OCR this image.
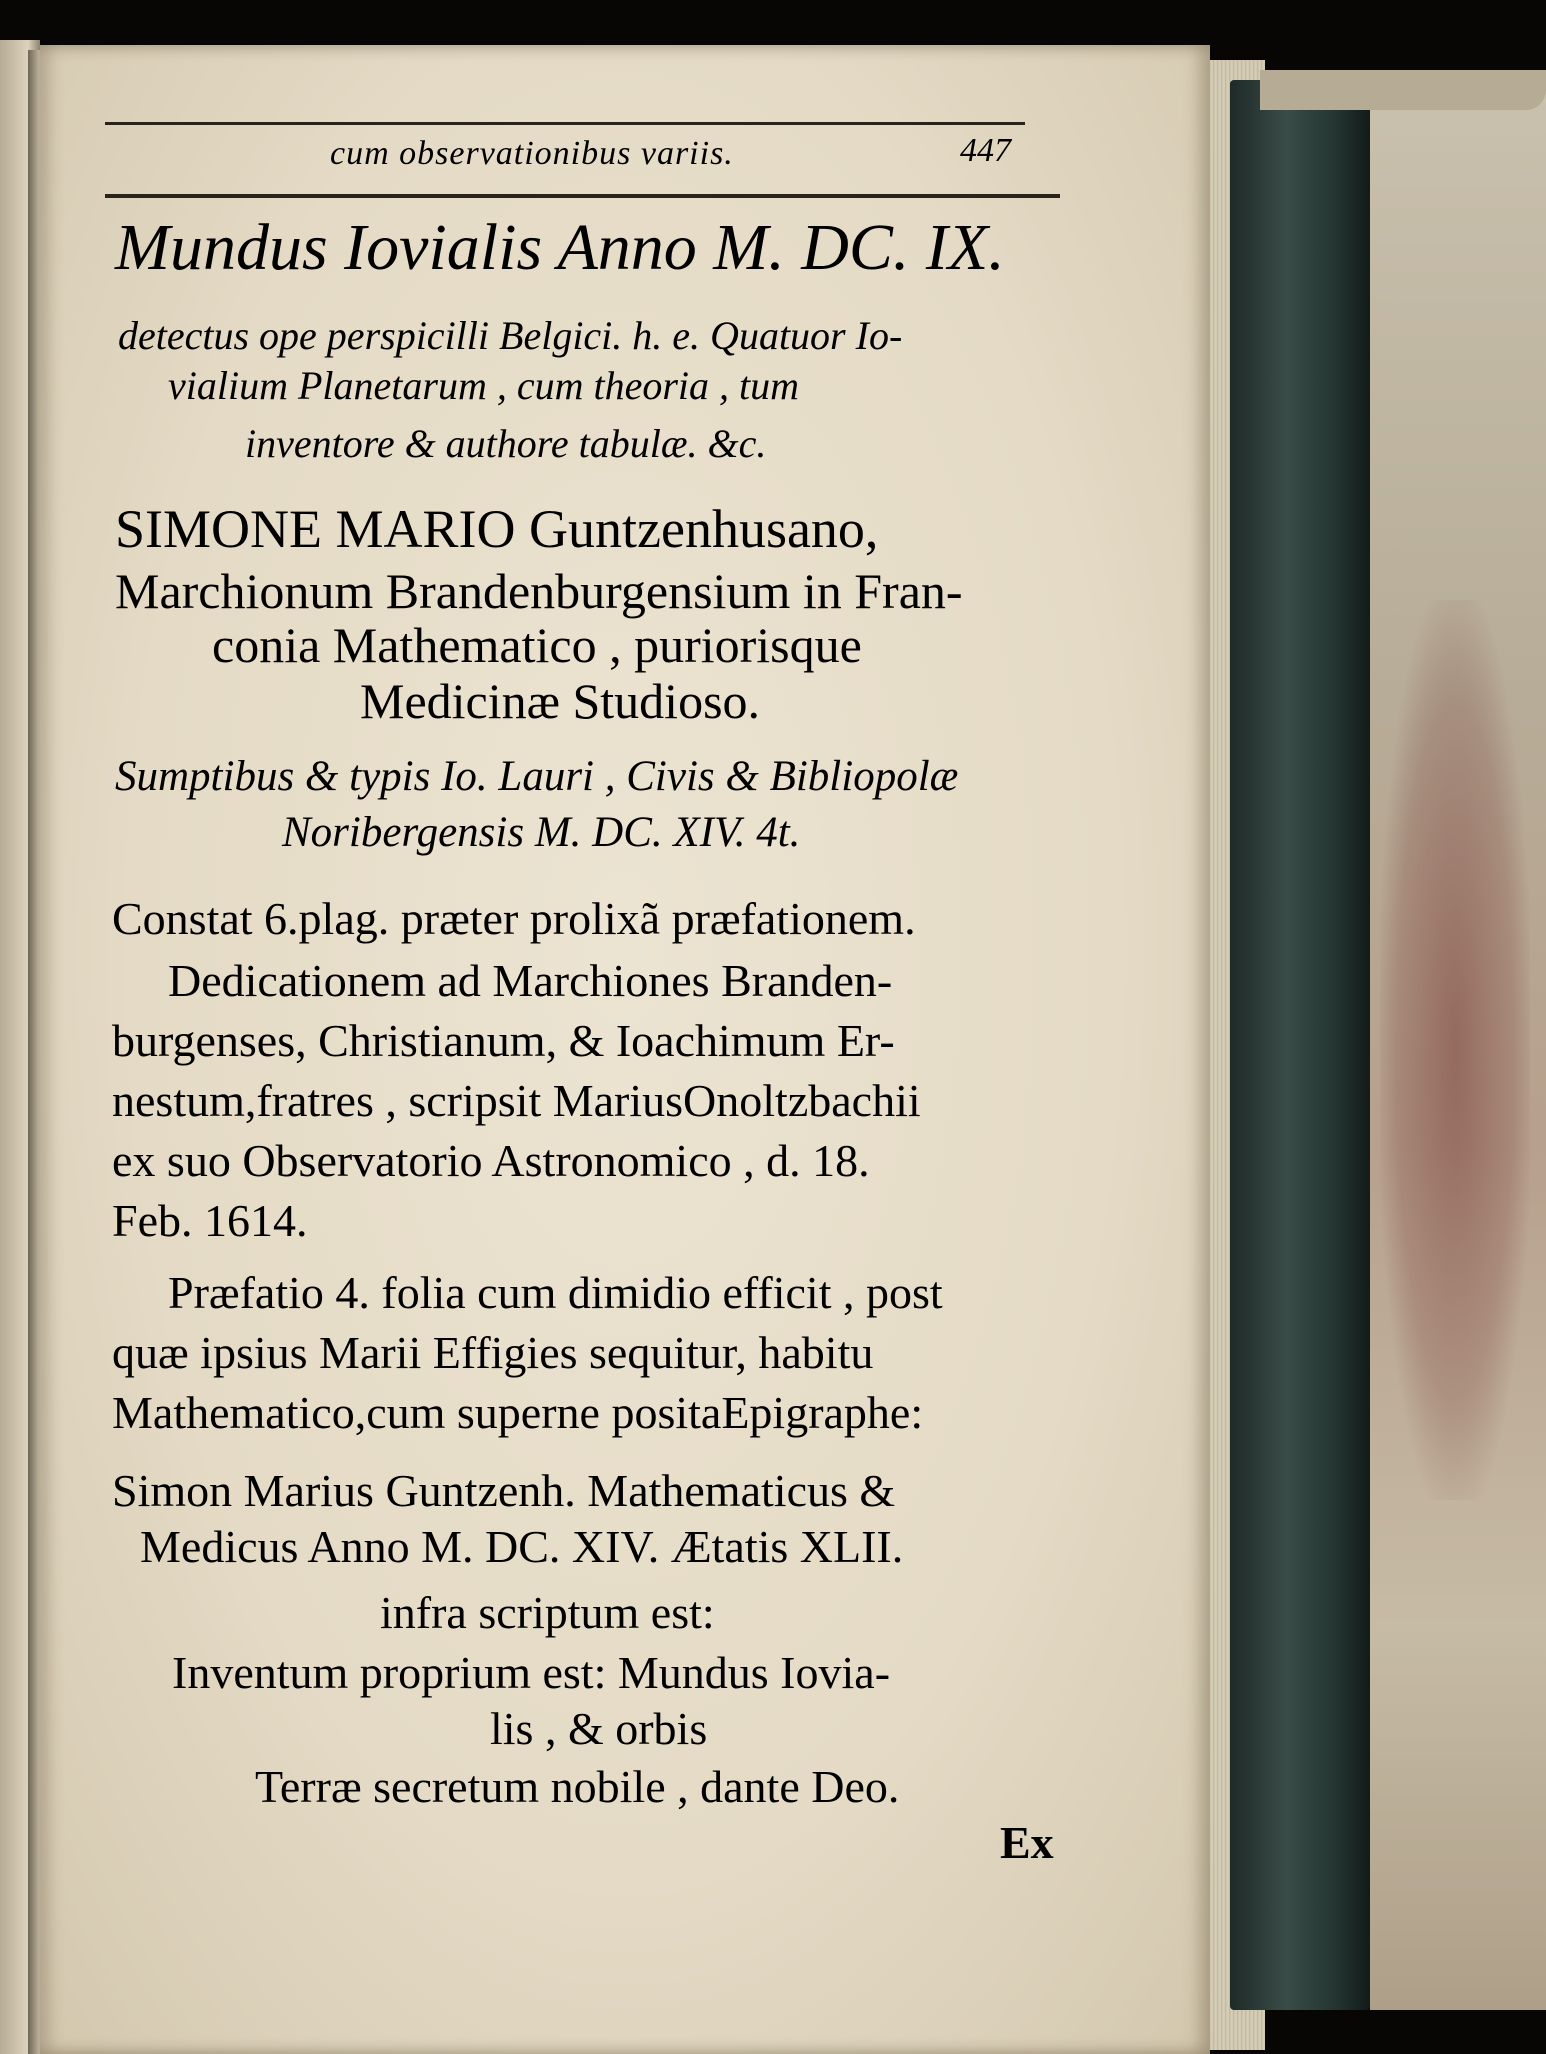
cum observationibus variis.	447
Mundus Iovialis Anno M. DC. IX.
detectus ope perspicilli Belgici. h. e. Quatuor Io-
vialium Planetarum , cum theoria , tum
inventore & authore tabulæ. &c.
SIMONE MARIO Guntzenhusano,
Marchionum Brandenburgensium in Fran-
conia Mathematico , puriorisque
Medicinæ Studioso.
Sumptibus & typis Io. Lauri , Civis & Bibliopolæ
Noribergensis M. DC. XIV. 4t.
Constat 6.plag. præter prolixã præfationem.
Dedicationem ad Marchiones Branden-
burgenses, Christianum, & Ioachimum Er-
nestum,fratres , scripsit MariusOnoltzbachii
ex suo Observatorio Astronomico , d. 18.
Feb. 1614.
Præfatio 4. folia cum dimidio efficit , post
quæ ipsius Marii Effigies sequitur, habitu
Mathematico,cum superne positaEpigraphe:
Simon Marius Guntzenh. Mathematicus &
Medicus Anno M. DC. XIV. Ætatis XLII.
infra scriptum est:
Inventum proprium est: Mundus Iovia-
lis , & orbis
Terræ secretum nobile , dante Deo.
Ex
